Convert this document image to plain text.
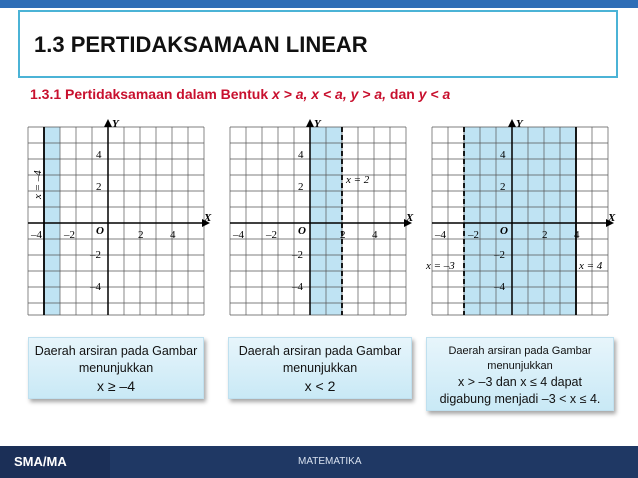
1.3 PERTIDAKSAMAAN LINEAR
1.3.1 Pertidaksamaan dalam Bentuk x > a, x < a, y > a, dan y < a
–4 –2	2 4
4
2
–2
–4
O
X
Y
x = –4
–4 –2	2 4
4
2
–2
–4
O
X
Y
x = 2
–4 –2	2 4
4
2
–2
–4
O
X
Y
x = –3	x = 4
Daerah arsiran pada Gambar
menunjukkan
x ≥ –4
Daerah arsiran pada Gambar
menunjukkan
x < 2
Daerah arsiran pada Gambar
menunjukkan
x > –3 dan x ≤ 4 dapat
digabung menjadi –3 < x ≤ 4.
MATEMATIKA
SMA/MA
